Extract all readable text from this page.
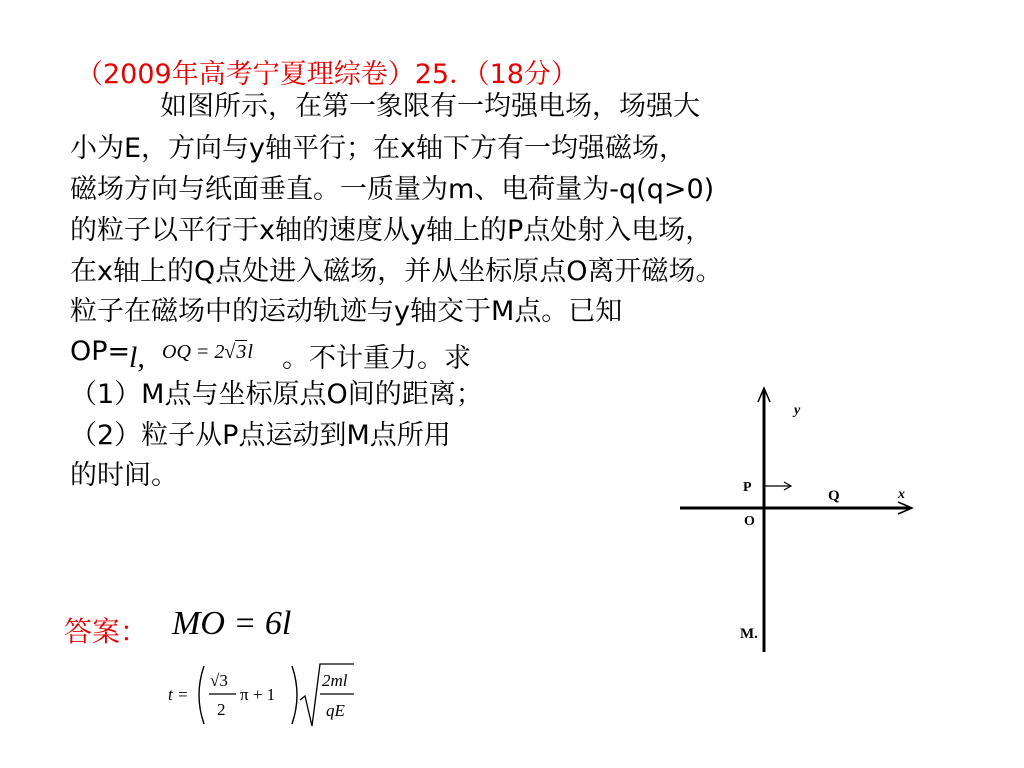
（2009年高考宁夏理综卷）25．（18分）
如图所示，在第一象限有一均强电场，场强大
小为E，方向与y轴平行；在x轴下方有一均强磁场，
磁场方向与纸面垂直。一质量为m、电荷量为-q(q>0)
的粒子以平行于x轴的速度从y轴上的P点处射入电场，
在x轴上的Q点处进入磁场，并从坐标原点O离开磁场。
粒子在磁场中的运动轨迹与y轴交于M点。已知
OP=	。不计重力。求
l, OQ = 2√3l
（1）M点与坐标原点O间的距离；
（2）粒子从P点运动到M点所用
的时间。
答案： MO = 6l
t =
√3
2
π + 1
2ml
qE
y
x
P
Q
O
M.
